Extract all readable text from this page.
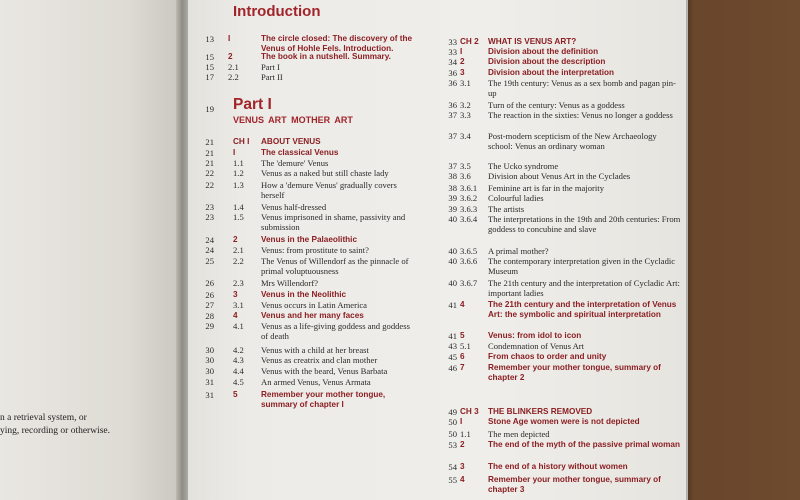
n a retrieval system, or
ying, recording or otherwise.
Introduction
13 I	The circle closed: The discovery of the Venus of Hohle Fels. Introduction.
15 2	The book in a nutshell. Summary.
15 2.1	Part I
17 2.2	Part II
19 Part I
VENUS ART MOTHER ART
21 CH I ABOUT VENUS
21 I	The classical Venus
21 1.1 The 'demure' Venus
22 1.2 Venus as a naked but still chaste lady
22 1.3 How a 'demure Venus' gradually covers herself
23 1.4 Venus half-dressed
23 1.5 Venus imprisoned in shame, passivity and submission
24 2	Venus in the Palaeolithic
24 2.1 Venus: from prostitute to saint?
25 2.2 The Venus of Willendorf as the pinnacle of primal voluptuousness
26 2.3 Mrs Willendorf?
26 3	Venus in the Neolithic
27 3.1 Venus occurs in Latin America
28 4	Venus and her many faces
29 4.1 Venus as a life-giving goddess and goddess of death
30 4.2 Venus with a child at her breast
30 4.3 Venus as creatrix and clan mother
30 4.4 Venus with the beard, Venus Barbata
31 4.5 An armed Venus, Venus Armata
31 5	Remember your mother tongue, summary of chapter I
33 CH 2 WHAT IS VENUS ART?
33 I	Division about the definition
34 2	Division about the description
36 3	Division about the interpretation
36 3.1 The 19th century: Venus as a sex bomb and pagan pin-up
36 3.2 Turn of the century: Venus as a goddess
37 3.3 The reaction in the sixties: Venus no longer a goddess
37 3.4 Post-modern scepticism of the New Archaeology school: Venus an ordinary woman
37 3.5 The Ucko syndrome
38 3.6 Division about Venus Art in the Cyclades
38 3.6.1 Feminine art is far in the majority
39 3.6.2 Colourful ladies
39 3.6.3 The artists
40 3.6.4 The interpretations in the 19th and 20th centuries: From goddess to concubine and slave
40 3.6.5 A primal mother?
40 3.6.6 The contemporary interpretation given in the Cycladic Museum
40 3.6.7 The 21th century and the interpretation of Cycladic Art: important ladies
41 4	The 21th century and the interpretation of Venus Art: the symbolic and spiritual interpretation
41 5	Venus: from idol to icon
43 5.1 Condemnation of Venus Art
45 6	From chaos to order and unity
46 7	Remember your mother tongue, summary of chapter 2
49 CH 3 THE BLINKERS REMOVED
50 I	Stone Age women were is not depicted
50 1.1 The men depicted
53 2	The end of the myth of the passive primal woman
54 3	The end of a history without women
55 4	Remember your mother tongue, summary of chapter 3
